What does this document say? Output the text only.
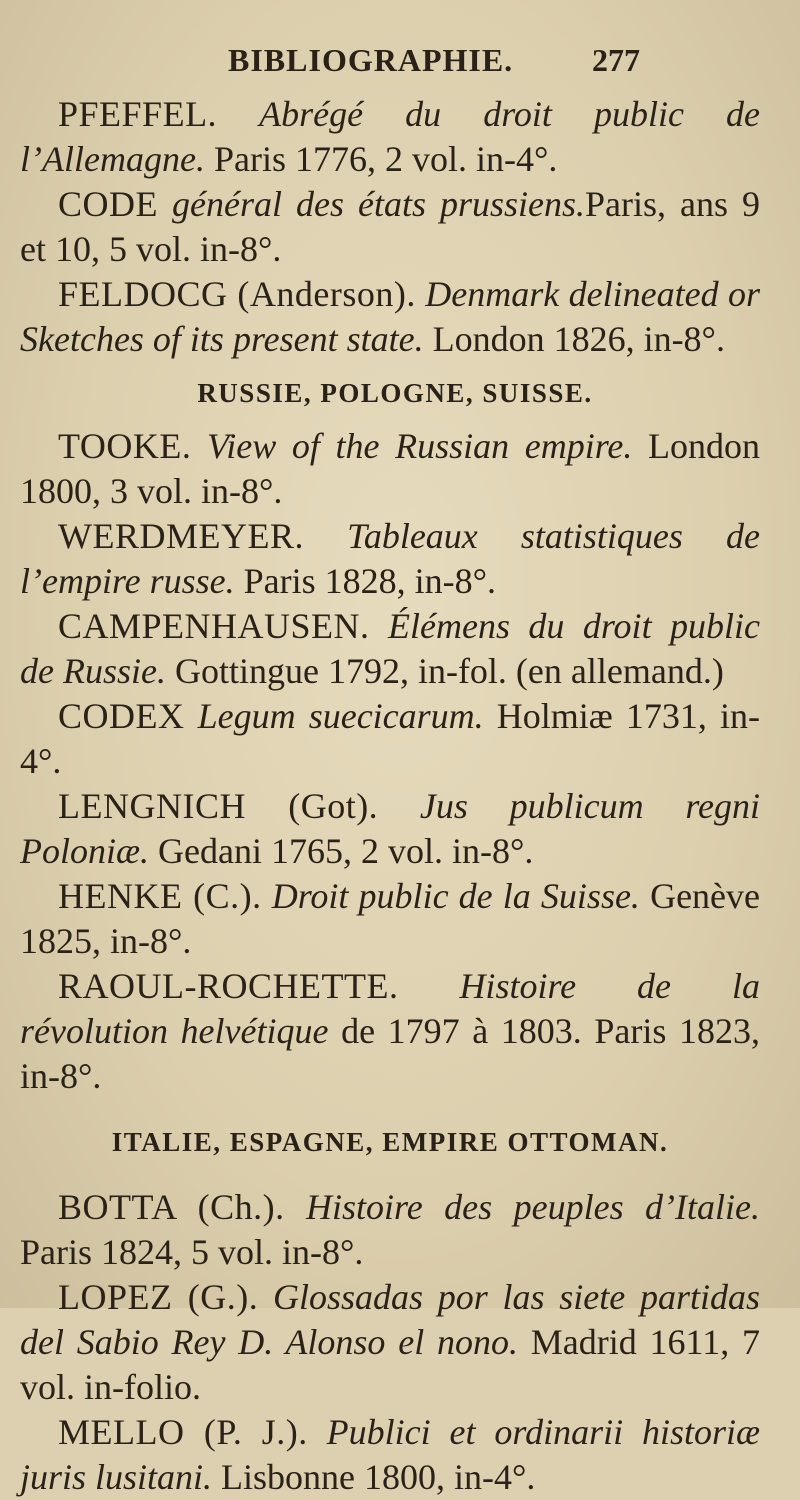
BIBLIOGRAPHIE. 277

PFEFFEL. Abrégé du droit public de l’Allemagne. Paris 1776, 2 vol. in-4°.

CODE général des états prussiens.Paris, ans 9 et 10, 5 vol. in-8°.

FELDOCG (Anderson). Denmark delineated or Sketches of its present state. London 1826, in-8°.

RUSSIE, POLOGNE, SUISSE.

TOOKE. View of the Russian empire. London 1800, 3 vol. in-8°.

WERDMEYER. Tableaux statistiques de l’empire russe. Paris 1828, in-8°.

CAMPENHAUSEN. Élémens du droit public de Russie. Gottingue 1792, in-fol. (en allemand.)

CODEX Legum suecicarum. Holmiæ 1731, in-4°.

LENGNICH (Got). Jus publicum regni Poloniæ. Gedani 1765, 2 vol. in-8°.

HENKE (C.). Droit public de la Suisse. Genève 1825, in-8°.

RAOUL-ROCHETTE. Histoire de la révolution helvétique de 1797 à 1803. Paris 1823, in-8°.

ITALIE, ESPAGNE, EMPIRE OTTOMAN.

BOTTA (Ch.). Histoire des peuples d’Italie. Paris 1824, 5 vol. in-8°.

LOPEZ (G.). Glossadas por las siete partidas del Sabio Rey D. Alonso el nono. Madrid 1611, 7 vol. in-folio.

MELLO (P. J.). Publici et ordinarii historiæ juris lusitani. Lisbonne 1800, in-4°.
